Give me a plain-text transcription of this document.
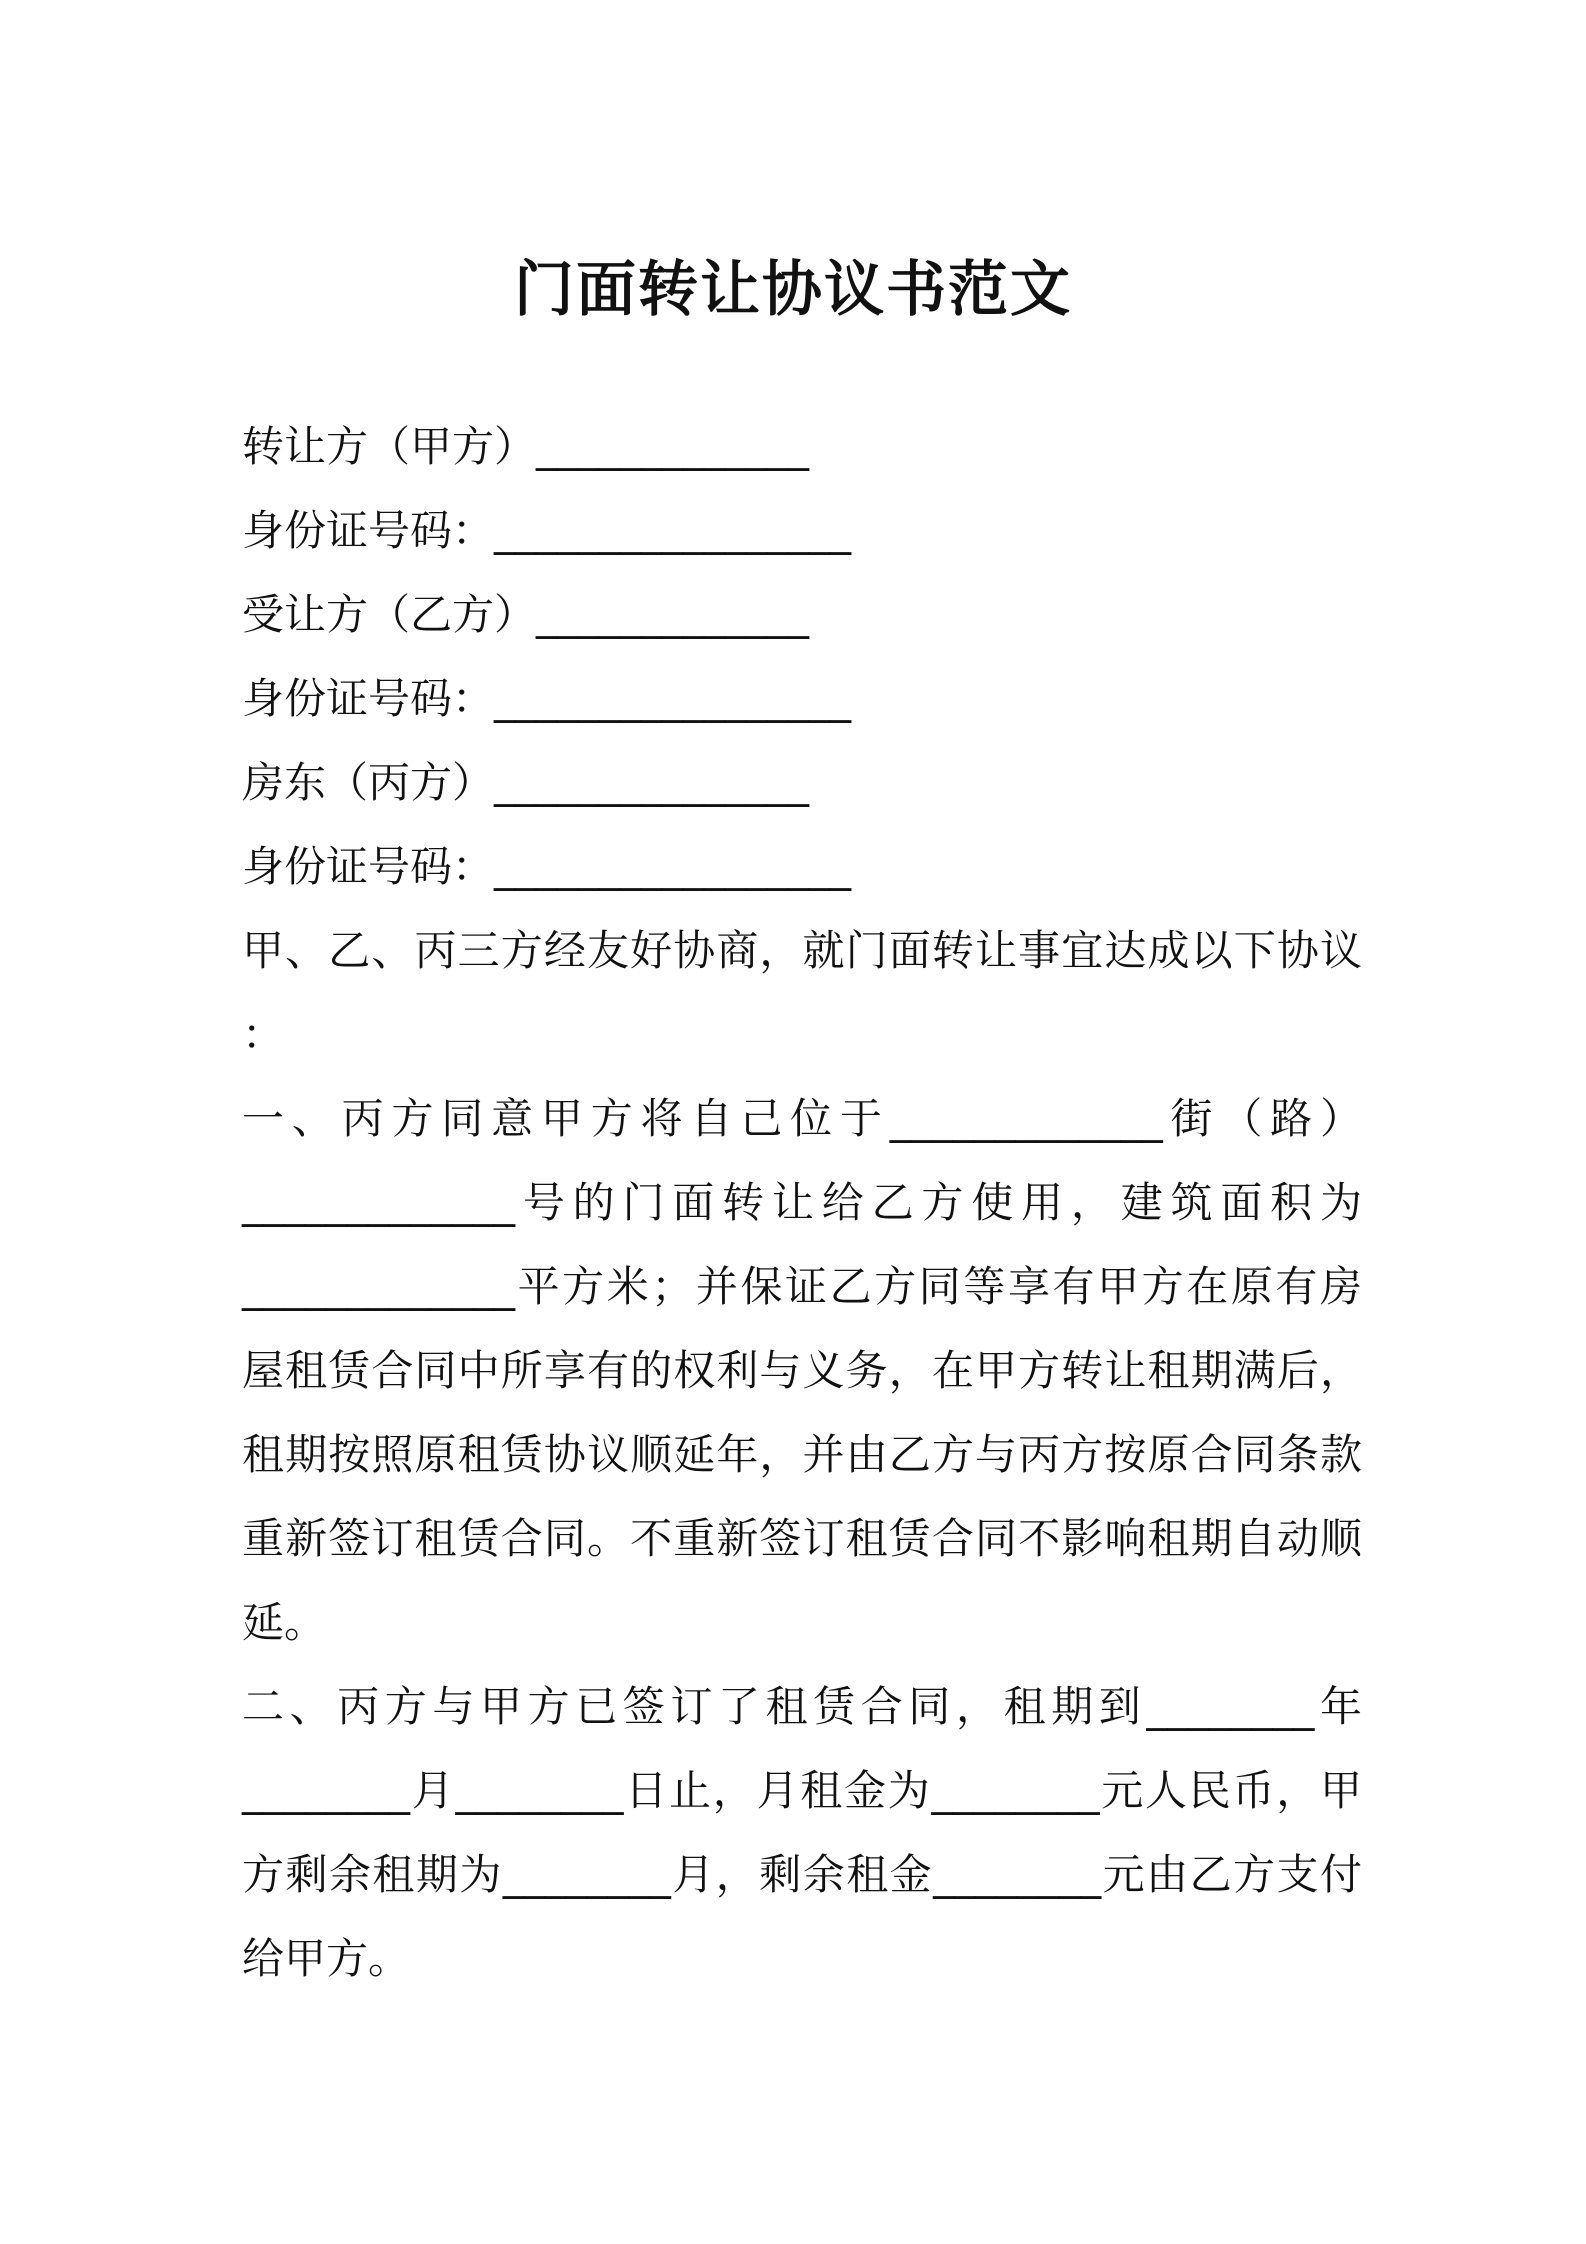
门面转让协议书范文
转让方（甲方）_____________
身份证号码：_________________
受让方（乙方）_____________
身份证号码：_________________
房东（丙方）_______________
身份证号码：_________________
甲、乙、丙三方经友好协商，就门面转让事宜达成以下协议
：
一、丙方同意甲方将自己位于_____________街（路）
_____________号的门面转让给乙方使用，建筑面积为
_____________平方米；并保证乙方同等享有甲方在原有房
屋租赁合同中所享有的权利与义务，在甲方转让租期满后，
租期按照原租赁协议顺延年，并由乙方与丙方按原合同条款
重新签订租赁合同。不重新签订租赁合同不影响租期自动顺
延。
二、丙方与甲方已签订了租赁合同，租期到________年
________月________日止，月租金为________元人民币，甲
方剩余租期为________月，剩余租金________元由乙方支付
给甲方。
